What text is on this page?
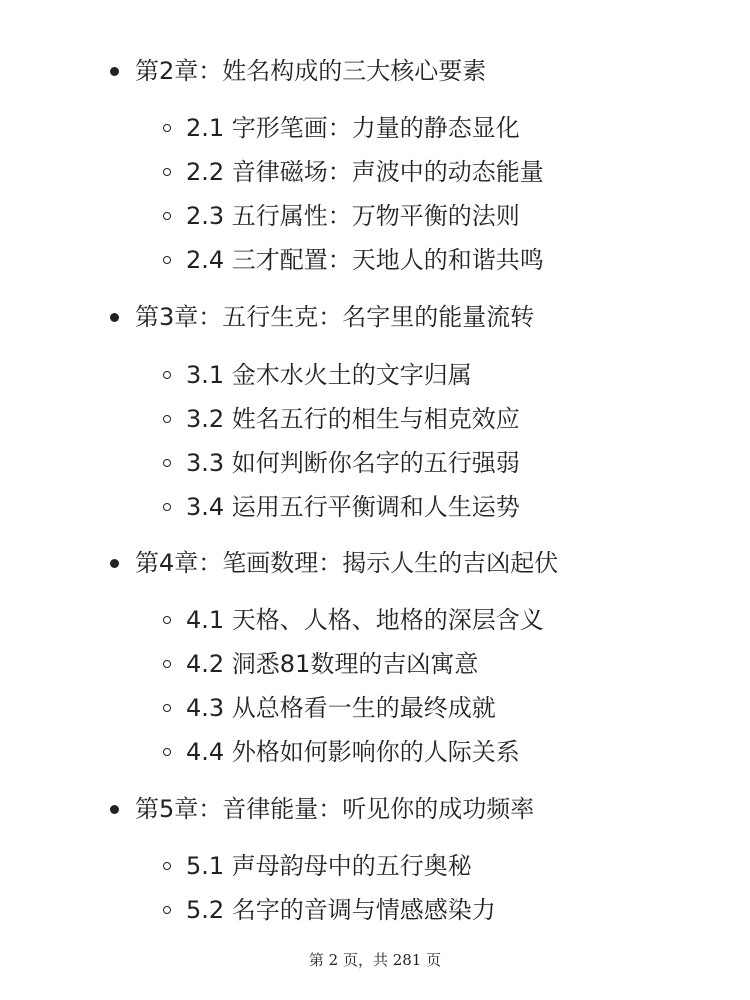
第2章：姓名构成的三大核心要素
2.1 字形笔画：力量的静态显化
2.2 音律磁场：声波中的动态能量
2.3 五行属性：万物平衡的法则
2.4 三才配置：天地人的和谐共鸣
第3章：五行生克：名字里的能量流转
3.1 金木水火土的文字归属
3.2 姓名五行的相生与相克效应
3.3 如何判断你名字的五行强弱
3.4 运用五行平衡调和人生运势
第4章：笔画数理：揭示人生的吉凶起伏
4.1 天格、人格、地格的深层含义
4.2 洞悉81数理的吉凶寓意
4.3 从总格看一生的最终成就
4.4 外格如何影响你的人际关系
第5章：音律能量：听见你的成功频率
5.1 声母韵母中的五行奥秘
5.2 名字的音调与情感感染力
第 2 页，共 281 页
